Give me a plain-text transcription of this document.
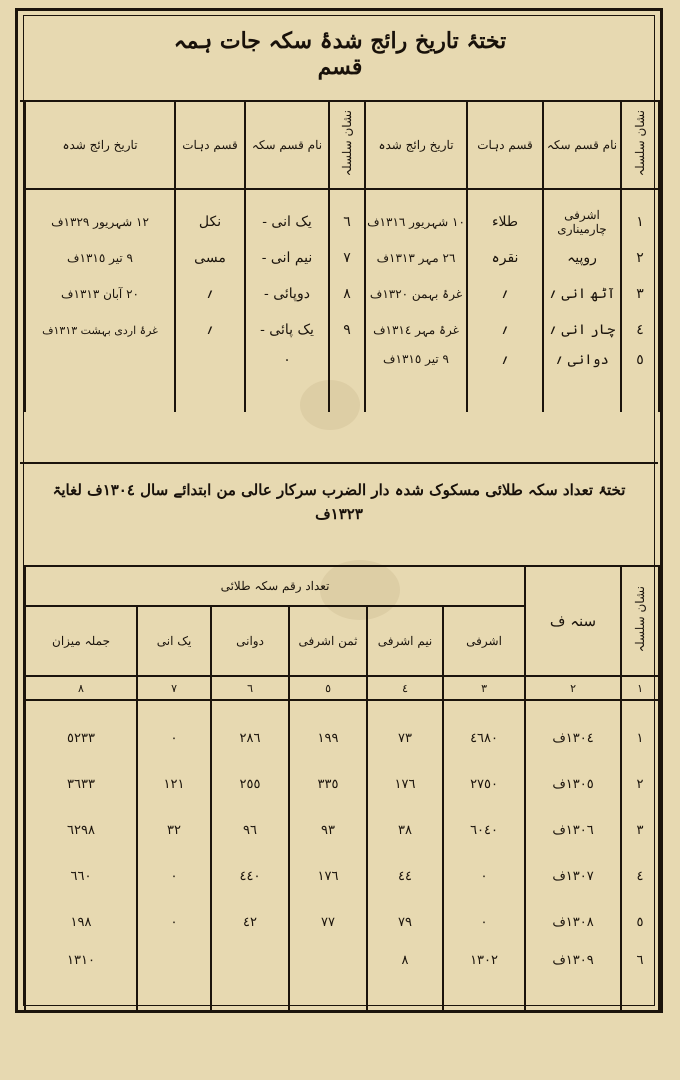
تختۂ تاریخ رائج شدۂ سکہ جات ہمہ قسم
نشان سلسلہ	نام قسم سکہ	قسم دہات	تاریخ رائج شدہ	نشان سلسلہ	نام قسم سکہ	قسم دہات	تاریخ رائج شدہ
١	اشرفی چارمیناری	طلاء	١٠ شہریور ١٣١٦ف	٦	یک انی -	نکل	١٢ شہریور ١٣٢٩ف
٢	روپیہ	نقرہ	٢٦ مہر ١٣١٣ف	٧	نیم انی -	مسی	٩ تیر ١٣١٥ف
٣	آٹھ انی ؍	؍	غرۂ بہمن ١٣٢٠ف	٨	دوپائی -	؍	٢٠ آبان ١٣١٣ف
٤	چار انی ؍	؍	غرۂ مہر ١٣١٤ف	٩	یک پائی -	؍	غرۂ اردی بہشت ١٣١٣ف
٥	دوانی ؍	؍	٩ تیر ١٣١٥ف		۰		
تختۂ تعداد سکہ طلائی مسکوک شدہ دار الضرب سرکار عالی من ابتدائے سال ١٣٠٤ف لغایۃ ١٣٢٣ف
نشان سلسلہ	سنہ ف	تعداد رقم سکہ طلائی					
		اشرفی	نیم اشرفی	ثمن اشرفی	دوانی	یک انی	جملہ میزان
١	٢	٣	٤	٥	٦	٧	٨
١	١٣٠٤ف	٤٦٨٠	٧٣	١٩٩	٢٨٦	۰	٥٢٣٣
٢	١٣٠٥ف	٢٧٥٠	١٧٦	٣٣٥	٢٥٥	١٢١	٣٦٣٣
٣	١٣٠٦ف	٦٠٤٠	٣٨	٩٣	٩٦	٣٢	٦٢٩٨
٤	١٣٠٧ف	۰	٤٤	١٧٦	٤٤٠	۰	٦٦٠
٥	١٣٠٨ف	۰	٧٩	٧٧	٤٢	۰	١٩٨
٦	١٣٠٩ف	١٣٠٢	٨				١٣١٠
